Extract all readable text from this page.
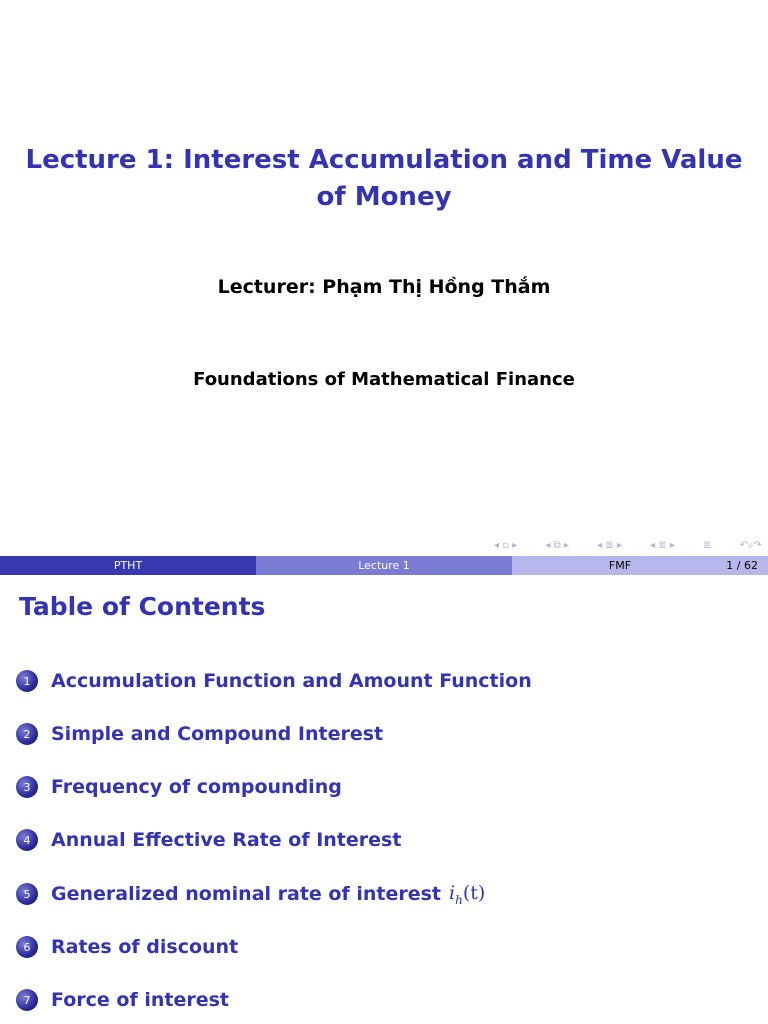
Lecture 1: Interest Accumulation and Time Value
of Money
Lecturer: Phạm Thị Hồng Thắm
Foundations of Mathematical Finance
◂ ▫ ▸	◂ ⧉ ▸	◂ ≣ ▸	◂ ≣ ▸	≣	↶⌕↷
PTHT	Lecture 1	FMF	1 / 62
Table of Contents
1	Accumulation Function and Amount Function
2	Simple and Compound Interest
3	Frequency of compounding
4	Annual Effective Rate of Interest
5	Generalized nominal rate of interest $i_h(t)$
6	Rates of discount
7	Force of interest
